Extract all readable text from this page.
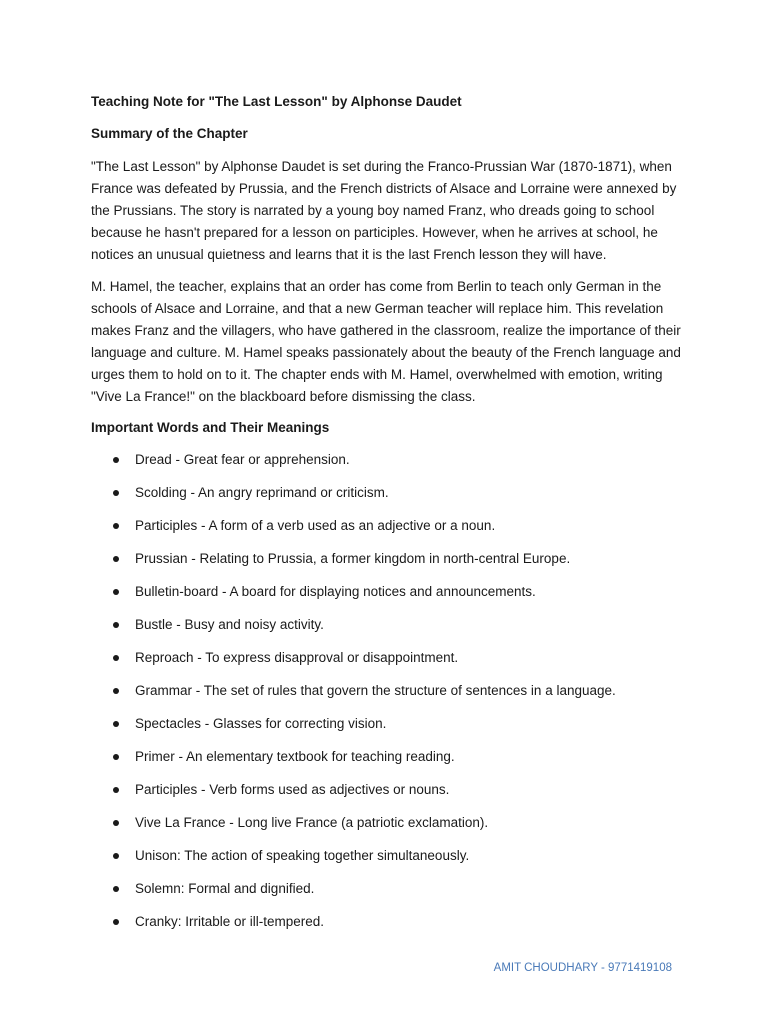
Teaching Note for "The Last Lesson" by Alphonse Daudet
Summary of the Chapter

"The Last Lesson" by Alphonse Daudet is set during the Franco-Prussian War (1870-1871), when France was defeated by Prussia, and the French districts of Alsace and Lorraine were annexed by the Prussians. The story is narrated by a young boy named Franz, who dreads going to school because he hasn't prepared for a lesson on participles. However, when he arrives at school, he notices an unusual quietness and learns that it is the last French lesson they will have.

M. Hamel, the teacher, explains that an order has come from Berlin to teach only German in the schools of Alsace and Lorraine, and that a new German teacher will replace him. This revelation makes Franz and the villagers, who have gathered in the classroom, realize the importance of their language and culture. M. Hamel speaks passionately about the beauty of the French language and urges them to hold on to it. The chapter ends with M. Hamel, overwhelmed with emotion, writing "Vive La France!" on the blackboard before dismissing the class.

Important Words and Their Meanings
Dread - Great fear or apprehension.
Scolding - An angry reprimand or criticism.
Participles - A form of a verb used as an adjective or a noun.
Prussian - Relating to Prussia, a former kingdom in north-central Europe.
Bulletin-board - A board for displaying notices and announcements.
Bustle - Busy and noisy activity.
Reproach - To express disapproval or disappointment.
Grammar - The set of rules that govern the structure of sentences in a language.
Spectacles - Glasses for correcting vision.
Primer - An elementary textbook for teaching reading.
Participles - Verb forms used as adjectives or nouns.
Vive La France - Long live France (a patriotic exclamation).
Unison: The action of speaking together simultaneously.
Solemn: Formal and dignified.
Cranky: Irritable or ill-tempered.
AMIT CHOUDHARY - 9771419108
